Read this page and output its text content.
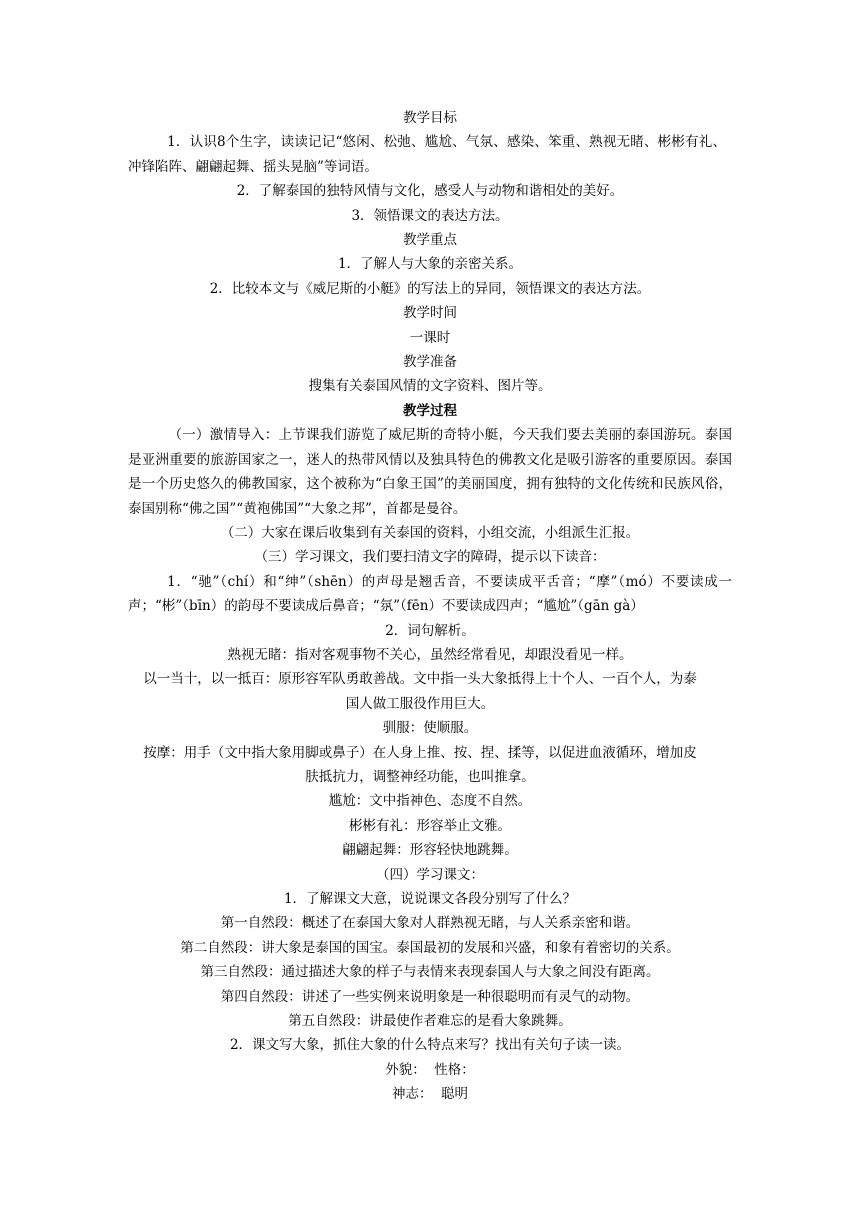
教学目标

1．认识8个生字，读读记记“悠闲、松弛、尴尬、气氛、感染、笨重、熟视无睹、彬彬有礼、冲锋陷阵、翩翩起舞、摇头晃脑”等词语。

2．了解泰国的独特风情与文化，感受人与动物和谐相处的美好。

3．领悟课文的表达方法。

教学重点

1．了解人与大象的亲密关系。

2．比较本文与《威尼斯的小艇》的写法上的异同，领悟课文的表达方法。

教学时间

一课时

教学准备

搜集有关泰国风情的文字资料、图片等。

教学过程

（一）激情导入：上节课我们游览了威尼斯的奇特小艇，今天我们要去美丽的泰国游玩。泰国是亚洲重要的旅游国家之一，迷人的热带风情以及独具特色的佛教文化是吸引游客的重要原因。泰国是一个历史悠久的佛教国家，这个被称为“白象王国”的美丽国度，拥有独特的文化传统和民族风俗，泰国别称“佛之国”“黄袍佛国”“大象之邦”，首都是曼谷。

（二）大家在课后收集到有关泰国的资料，小组交流，小组派生汇报。

（三）学习课文，我们要扫清文字的障碍，提示以下读音：

1．“驰”（chí）和“绅”（shēn）的声母是翘舌音，不要读成平舌音；“摩”（mó）不要读成一声；“彬”（bīn）的韵母不要读成后鼻音；“氛”（fēn）不要读成四声；“尴尬”（gān gà）

2．词句解析。

熟视无睹：指对客观事物不关心，虽然经常看见，却跟没看见一样。

以一当十，以一抵百：原形容军队勇敢善战。文中指一头大象抵得上十个人、一百个人，为泰国人做工服役作用巨大。

驯服：使顺服。

按摩：用手（文中指大象用脚或鼻子）在人身上推、按、捏、揉等，以促进血液循环，增加皮肤抵抗力，调整神经功能，也叫推拿。

尴尬：文中指神色、态度不自然。

彬彬有礼：形容举止文雅。

翩翩起舞：形容轻快地跳舞。

（四）学习课文：

1．了解课文大意，说说课文各段分别写了什么？

第一自然段：概述了在泰国大象对人群熟视无睹，与人关系亲密和谐。

第二自然段：讲大象是泰国的国宝。泰国最初的发展和兴盛，和象有着密切的关系。

第三自然段：通过描述大象的样子与表情来表现泰国人与大象之间没有距离。

第四自然段：讲述了一些实例来说明象是一种很聪明而有灵气的动物。

第五自然段：讲最使作者难忘的是看大象跳舞。

2．课文写大象，抓住大象的什么特点来写？找出有关句子读一读。

外貌：  性格：

神志：  聪明
